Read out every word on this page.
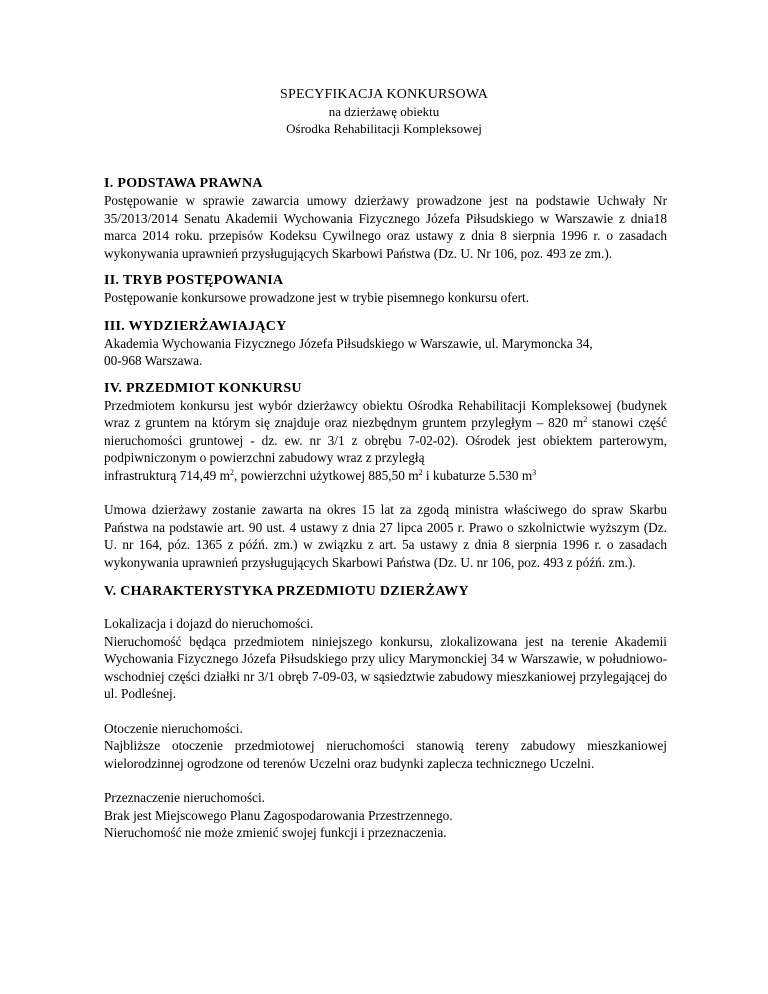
SPECYFIKACJA KONKURSOWA
na dzierżawę obiektu
Ośrodka Rehabilitacji Kompleksowej
I. PODSTAWA PRAWNA

Postępowanie w sprawie zawarcia umowy dzierżawy prowadzone jest na podstawie Uchwały Nr 35/2013/2014 Senatu Akademii Wychowania Fizycznego Józefa Piłsudskiego w Warszawie z dnia18 marca 2014 roku. przepisów Kodeksu Cywilnego oraz ustawy z dnia 8 sierpnia 1996 r. o zasadach wykonywania uprawnień przysługujących Skarbowi Państwa (Dz. U. Nr 106, poz. 493 ze zm.).

II. TRYB POSTĘPOWANIA

Postępowanie konkursowe prowadzone jest w trybie pisemnego konkursu ofert.

III. WYDZIERŻAWIAJĄCY

Akademia Wychowania Fizycznego Józefa Piłsudskiego w Warszawie, ul. Marymoncka 34,

00-968 Warszawa.

IV. PRZEDMIOT KONKURSU

Przedmiotem konkursu jest wybór dzierżawcy obiektu Ośrodka Rehabilitacji Kompleksowej (budynek wraz z gruntem na którym się znajduje oraz niezbędnym gruntem przyległym – 820 $m^2$ stanowi część nieruchomości gruntowej - dz. ew. nr 3/1 z obrębu 7-02-02). Ośrodek jest obiektem parterowym, podpiwniczonym o powierzchni zabudowy wraz z przyległą

infrastrukturą 714,49 $m^2$, powierzchni użytkowej 885,50 $m^2$ i kubaturze 5.530 $m^3$

Umowa dzierżawy zostanie zawarta na okres 15 lat za zgodą ministra właściwego do spraw Skarbu Państwa na podstawie art. 90 ust. 4 ustawy z dnia 27 lipca 2005 r. Prawo o szkolnictwie wyższym (Dz. U. nr 164, póz. 1365 z późń. zm.) w związku z art. 5a ustawy z dnia 8 sierpnia 1996 r. o zasadach wykonywania uprawnień przysługujących Skarbowi Państwa (Dz. U. nr 106, poz. 493 z późń. zm.).

V. CHARAKTERYSTYKA PRZEDMIOTU DZIERŻAWY

Lokalizacja i dojazd do nieruchomości.

Nieruchomość będąca przedmiotem niniejszego konkursu, zlokalizowana jest na terenie Akademii Wychowania Fizycznego Józefa Piłsudskiego przy ulicy Marymonckiej 34 w Warszawie, w południowo-wschodniej części działki nr 3/1 obręb 7-09-03, w sąsiedztwie zabudowy mieszkaniowej przylegającej do ul. Podleśnej.

Otoczenie nieruchomości.

Najbliższe otoczenie przedmiotowej nieruchomości stanowią tereny zabudowy mieszkaniowej wielorodzinnej ogrodzone od terenów Uczelni oraz budynki zaplecza technicznego Uczelni.

Przeznaczenie nieruchomości.

Brak jest Miejscowego Planu Zagospodarowania Przestrzennego.

Nieruchomość nie może zmienić swojej funkcji i przeznaczenia.
